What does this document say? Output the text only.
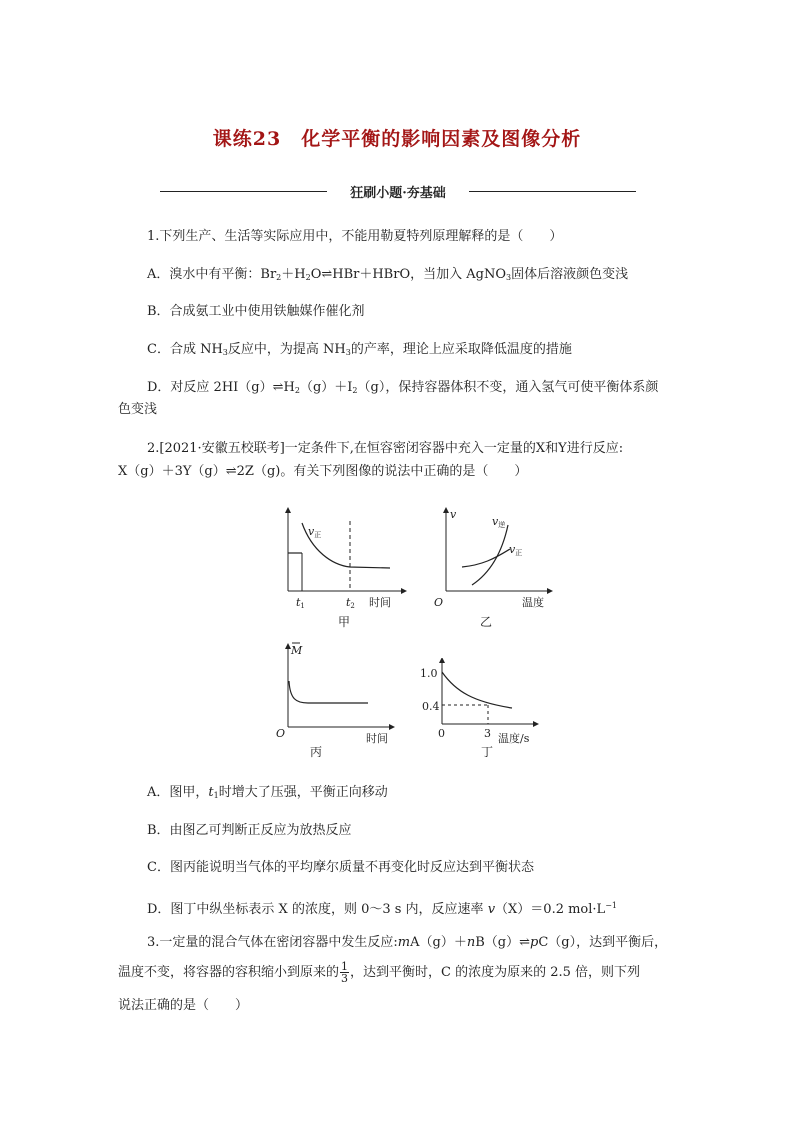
课练23　化学平衡的影响因素及图像分析
狂刷小题·夯基础
1.下列生产、生活等实际应用中，不能用勒夏特列原理解释的是（　　）
A．溴水中有平衡：$Br_2+H_2O\rightleftharpoons HBr+HBrO$，当加入 AgNO$_3$固体后溶液颜色变浅
B．合成氨工业中使用铁触媒作催化剂
C．合成 $NH_3$反应中，为提高 $NH_3$的产率，理论上应采取降低温度的措施
D．对反应 $2HI(g)\rightleftharpoons H_2(g)+I_2(g)$，保持容器体积不变，通入氢气可使平衡体系颜
色变浅
2.[2021·安徽五校联考]一定条件下,在恒容密闭容器中充入一定量的X和Y进行反应:
X（g）＋3Y（g）⇌2Z（g)。有关下列图像的说法中正确的是（　　）
v正
t1	t2 时间
甲
v
v逆
v正
O	温度
乙
M
O	时间
丙
1.0
0.4
0	3 温度/s
丁
A．图甲，$t_1$时增大了压强，平衡正向移动
B．由图乙可判断正反应为放热反应
C．图丙能说明当气体的平均摩尔质量不再变化时反应达到平衡状态
D．图丁中纵坐标表示 X 的浓度，则 0～3 s 内，反应速率 v（X）＝0.2 $mol\cdot L^{-1}$
3.一定量的混合气体在密闭容器中发生反应:mA（g）＋nB（g）⇌pC（g），达到平衡后，
温度不变，将容器的容积缩小到原来的 $\frac{1}{3}$ ，达到平衡时，C 的浓度为原来的 2.5 倍，则下列
说法正确的是（　　）
